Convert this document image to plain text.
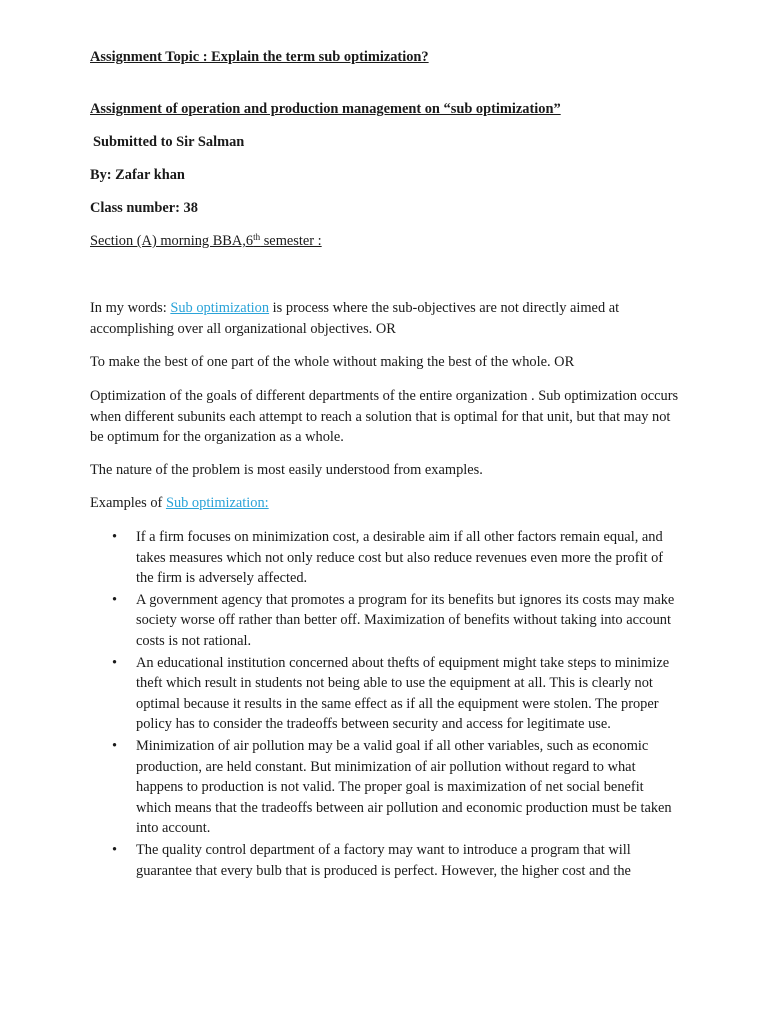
Assignment Topic : Explain the term sub optimization?

Assignment of operation and production management on “sub optimization”

Submitted to Sir Salman

By: Zafar khan

Class number: 38

Section (A) morning BBA,6th semester :

In my words: Sub optimization is process where the sub-objectives are not directly aimed at accomplishing over all organizational objectives. OR

To make the best of one part of the whole without making the best of the whole. OR

Optimization of the goals of different departments of the entire organization . Sub optimization occurs when different subunits each attempt to reach a solution that is optimal for that unit, but that may not be optimum for the organization as a whole.

The nature of the problem is most easily understood from examples.

Examples of Sub optimization:

• If a firm focuses on minimization cost, a desirable aim if all other factors remain equal, and takes measures which not only reduce cost but also reduce revenues even more the profit of the firm is adversely affected.
• A government agency that promotes a program for its benefits but ignores its costs may make society worse off rather than better off. Maximization of benefits without taking into account costs is not rational.
• An educational institution concerned about thefts of equipment might take steps to minimize theft which result in students not being able to use the equipment at all. This is clearly not optimal because it results in the same effect as if all the equipment were stolen. The proper policy has to consider the tradeoffs between security and access for legitimate use.
• Minimization of air pollution may be a valid goal if all other variables, such as economic production, are held constant. But minimization of air pollution without regard to what happens to production is not valid. The proper goal is maximization of net social benefit which means that the tradeoffs between air pollution and economic production must be taken into account.
• The quality control department of a factory may want to introduce a program that will guarantee that every bulb that is produced is perfect. However, the higher cost and the
